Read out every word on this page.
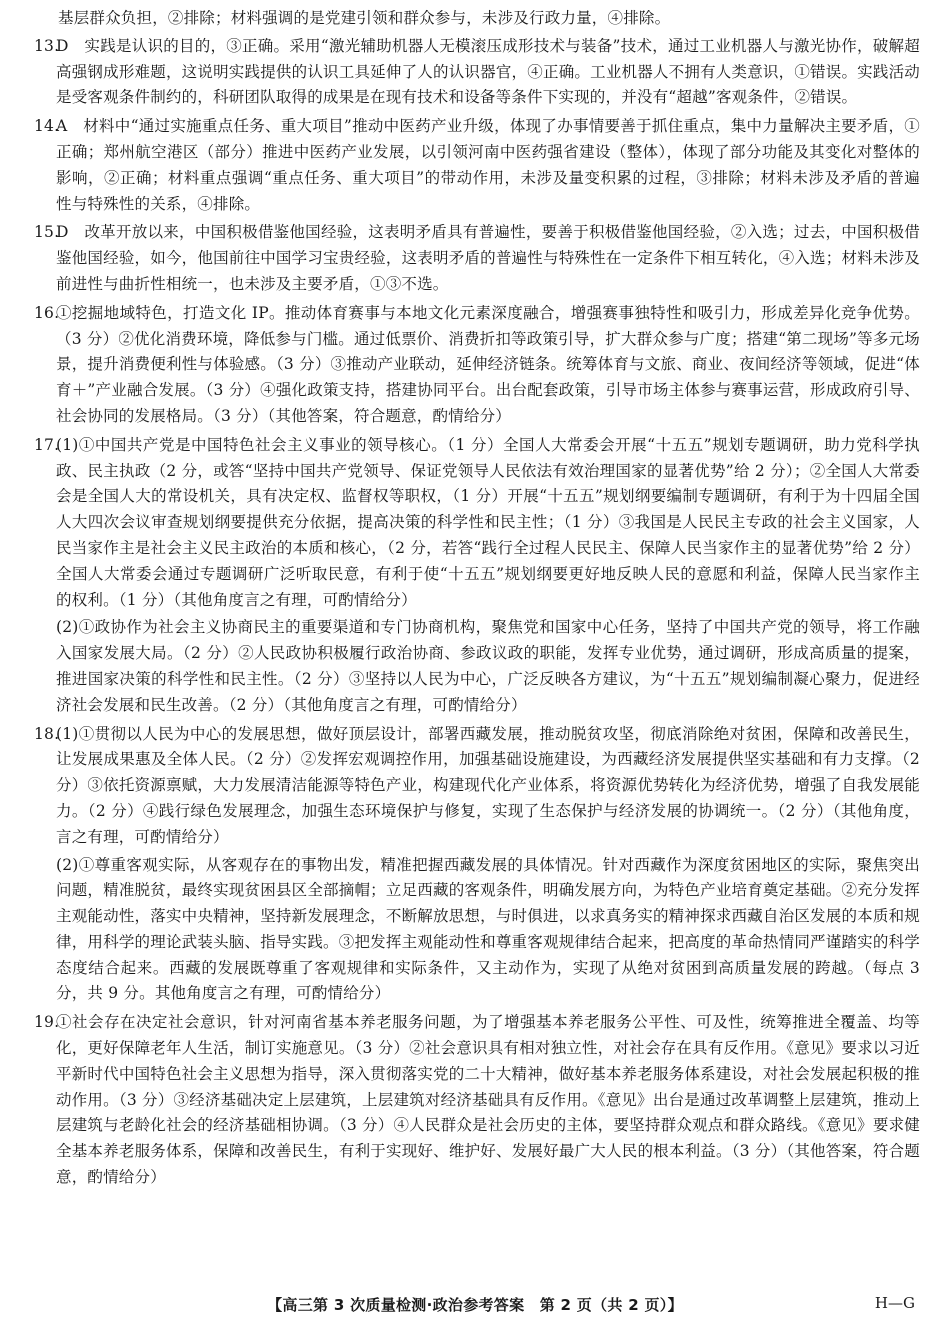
基层群众负担，②排除；材料强调的是党建引领和群众参与，未涉及行政力量，④排除。
13.
D　实践是认识的目的，③正确。采用“激光辅助机器人无模滚压成形技术与装备”技术，通过工业机器人与激光协作，破解超高强钢成形难题，这说明实践提供的认识工具延伸了人的认识器官，④正确。工业机器人不拥有人类意识，①错误。实践活动是受客观条件制约的，科研团队取得的成果是在现有技术和设备等条件下实现的，并没有“超越”客观条件，②错误。
14.
A　材料中“通过实施重点任务、重大项目”推动中医药产业升级，体现了办事情要善于抓住重点，集中力量解决主要矛盾，①正确；郑州航空港区（部分）推进中医药产业发展，以引领河南中医药强省建设（整体），体现了部分功能及其变化对整体的影响，②正确；材料重点强调“重点任务、重大项目”的带动作用，未涉及量变积累的过程，③排除；材料未涉及矛盾的普遍性与特殊性的关系，④排除。
15.
D　改革开放以来，中国积极借鉴他国经验，这表明矛盾具有普遍性，要善于积极借鉴他国经验，②入选；过去，中国积极借鉴他国经验，如今，他国前往中国学习宝贵经验，这表明矛盾的普遍性与特殊性在一定条件下相互转化，④入选；材料未涉及前进性与曲折性相统一，也未涉及主要矛盾，①③不选。
16.
①挖掘地域特色，打造文化 IP。推动体育赛事与本地文化元素深度融合，增强赛事独特性和吸引力，形成差异化竞争优势。（3 分）②优化消费环境，降低参与门槛。通过低票价、消费折扣等政策引导，扩大群众参与广度；搭建“第二现场”等多元场景，提升消费便利性与体验感。（3 分）③推动产业联动，延伸经济链条。统筹体育与文旅、商业、夜间经济等领域，促进“体育＋”产业融合发展。（3 分）④强化政策支持，搭建协同平台。出台配套政策，引导市场主体参与赛事运营，形成政府引导、社会协同的发展格局。（3 分）（其他答案，符合题意，酌情给分）
17.
(1)①中国共产党是中国特色社会主义事业的领导核心。（1 分）全国人大常委会开展“十五五”规划专题调研，助力党科学执政、民主执政（2 分，或答“坚持中国共产党领导、保证党领导人民依法有效治理国家的显著优势”给 2 分）；②全国人大常委会是全国人大的常设机关，具有决定权、监督权等职权，（1 分）开展“十五五”规划纲要编制专题调研，有利于为十四届全国人大四次会议审查规划纲要提供充分依据，提高决策的科学性和民主性；（1 分）③我国是人民民主专政的社会主义国家，人民当家作主是社会主义民主政治的本质和核心，（2 分，若答“践行全过程人民民主、保障人民当家作主的显著优势”给 2 分）全国人大常委会通过专题调研广泛听取民意，有利于使“十五五”规划纲要更好地反映人民的意愿和利益，保障人民当家作主的权利。（1 分）（其他角度言之有理，可酌情给分）
(2)①政协作为社会主义协商民主的重要渠道和专门协商机构，聚焦党和国家中心任务，坚持了中国共产党的领导，将工作融入国家发展大局。（2 分）②人民政协积极履行政治协商、参政议政的职能，发挥专业优势，通过调研，形成高质量的提案，推进国家决策的科学性和民主性。（2 分）③坚持以人民为中心，广泛反映各方建议，为“十五五”规划编制凝心聚力，促进经济社会发展和民生改善。（2 分）（其他角度言之有理，可酌情给分）
18.
(1)①贯彻以人民为中心的发展思想，做好顶层设计，部署西藏发展，推动脱贫攻坚，彻底消除绝对贫困，保障和改善民生，让发展成果惠及全体人民。（2 分）②发挥宏观调控作用，加强基础设施建设，为西藏经济发展提供坚实基础和有力支撑。（2 分）③依托资源禀赋，大力发展清洁能源等特色产业，构建现代化产业体系，将资源优势转化为经济优势，增强了自我发展能力。（2 分）④践行绿色发展理念，加强生态环境保护与修复，实现了生态保护与经济发展的协调统一。（2 分）（其他角度，言之有理，可酌情给分）
(2)①尊重客观实际，从客观存在的事物出发，精准把握西藏发展的具体情况。针对西藏作为深度贫困地区的实际，聚焦突出问题，精准脱贫，最终实现贫困县区全部摘帽；立足西藏的客观条件，明确发展方向，为特色产业培育奠定基础。②充分发挥主观能动性，落实中央精神，坚持新发展理念，不断解放思想，与时俱进，以求真务实的精神探求西藏自治区发展的本质和规律，用科学的理论武装头脑、指导实践。③把发挥主观能动性和尊重客观规律结合起来，把高度的革命热情同严谨踏实的科学态度结合起来。西藏的发展既尊重了客观规律和实际条件，又主动作为，实现了从绝对贫困到高质量发展的跨越。（每点 3 分，共 9 分。其他角度言之有理，可酌情给分）
19.
①社会存在决定社会意识，针对河南省基本养老服务问题，为了增强基本养老服务公平性、可及性，统筹推进全覆盖、均等化，更好保障老年人生活，制订实施意见。（3 分）②社会意识具有相对独立性，对社会存在具有反作用。《意见》要求以习近平新时代中国特色社会主义思想为指导，深入贯彻落实党的二十大精神，做好基本养老服务体系建设，对社会发展起积极的推动作用。（3 分）③经济基础决定上层建筑，上层建筑对经济基础具有反作用。《意见》出台是通过改革调整上层建筑，推动上层建筑与老龄化社会的经济基础相协调。（3 分）④人民群众是社会历史的主体，要坚持群众观点和群众路线。《意见》要求健全基本养老服务体系，保障和改善民生，有利于实现好、维护好、发展好最广大人民的根本利益。（3 分）（其他答案，符合题意，酌情给分）
【高三第 3 次质量检测·政治参考答案　第 2 页（共 2 页）】	H—G
